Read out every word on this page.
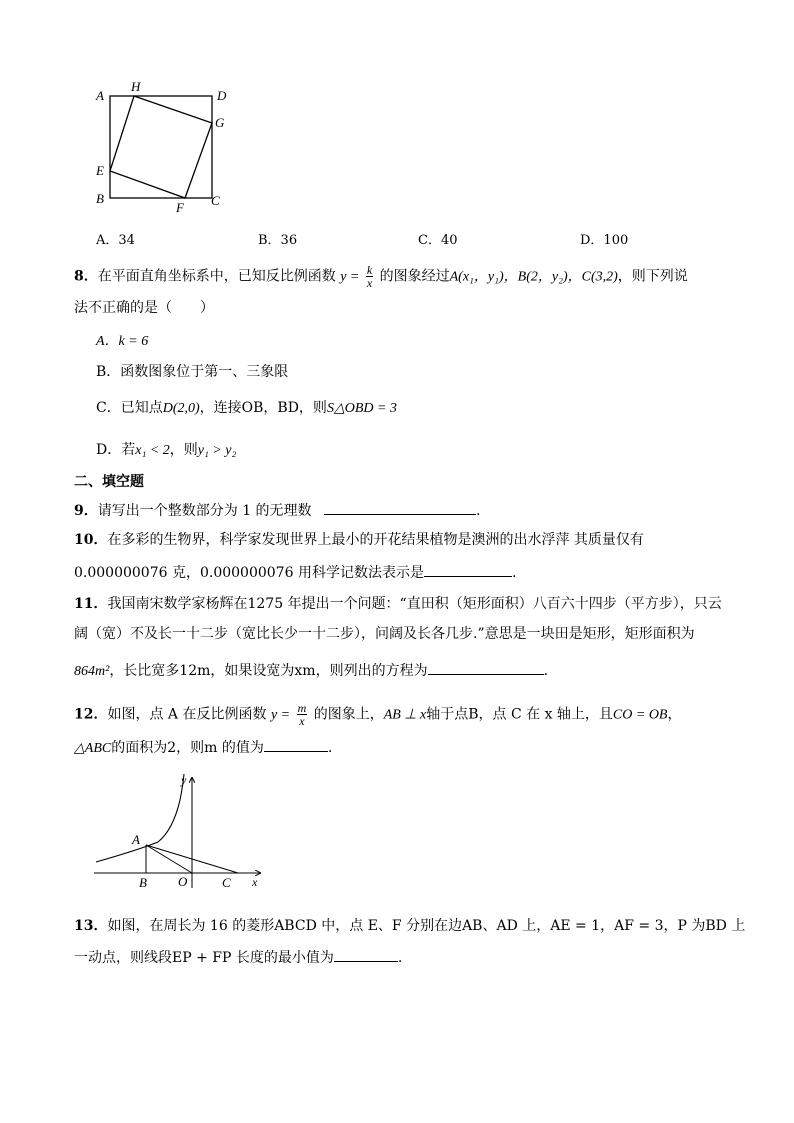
A
H
D
G
E
B
F C
A．34	B．36	C．40	D．100
8．在平面直角坐标系中，已知反比例函数 $y = \frac{k}{x}$ 的图象经过A(x₁，y₁)，B(2，y₂)，C(3,2)，则下列说
法不正确的是（　　）
A．k = 6
B．函数图象位于第一、三象限
C．已知点D(2,0)，连接OB，BD，则S△OBD = 3
D．若x₁ < 2，则y₁ > y₂
二、填空题
9．请写出一个整数部分为 1 的无理数	.
10．在多彩的生物界，科学家发现世界上最小的开花结果植物是澳洲的出水浮萍 其质量仅有
0.000000076 克，0.000000076 用科学记数法表示是	.
11．我国南宋数学家杨辉在1275 年提出一个问题：“直田积（矩形面积）八百六十四步（平方步），只云
阔（宽）不及长一十二步（宽比长少一十二步），问阔及长各几步.”意思是一块田是矩形，矩形面积为
864m²，长比宽多12m，如果设宽为xm，则列出的方程为	.
12．如图，点 A 在反比例函数 $y = \frac{m}{x}$ 的图象上，AB ⊥ x轴于点B，点 C 在 x 轴上，且CO = OB，
△ABC的面积为2，则m 的值为	.
y
A
B O	C x
13．如图，在周长为 16 的菱形ABCD 中，点 E、F 分别在边AB、AD 上，AE = 1，AF = 3，P 为BD 上
一动点，则线段EP + FP 长度的最小值为	.
